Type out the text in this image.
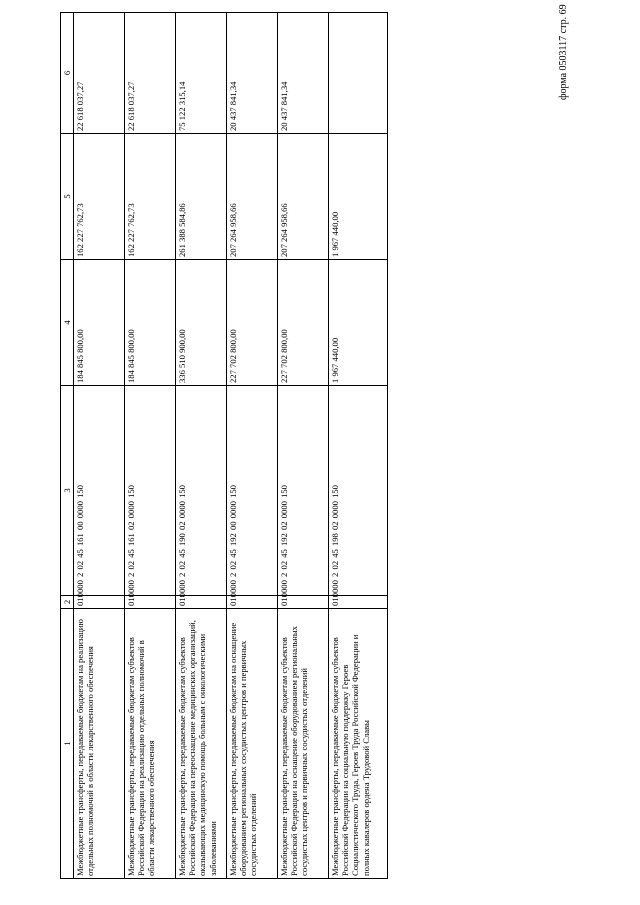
форма 0503117 стр. 69
1	2	3	4	5	6
Межбюджетные трансферты, передаваемые бюджетам на реализацию отдельных полномочий в области лекарственного обеспечения	010	000 2 02 45 161 00 0000 150	184 845 800,00	162 227 762,73	22 618 037,27
Межбюджетные трансферты, передаваемые бюджетам субъектов Российской Федерации на реализацию отдельных полномочий в области лекарственного обеспечения	010	000 2 02 45 161 02 0000 150	184 845 800,00	162 227 762,73	22 618 037,27
Межбюджетные трансферты, передаваемые бюджетам субъектов Российской Федерации на переоснащение медицинских организаций, оказывающих медицинскую помощь больным с онкологическими заболеваниями	010	000 2 02 45 190 02 0000 150	336 510 900,00	261 388 584,86	75 122 315,14
Межбюджетные трансферты, передаваемые бюджетам на оснащение оборудованием региональных сосудистых центров и первичных сосудистых отделений	010	000 2 02 45 192 00 0000 150	227 702 800,00	207 264 958,66	20 437 841,34
Межбюджетные трансферты, передаваемые бюджетам субъектов Российской Федерации на оснащение оборудованием региональных сосудистых центров и первичных сосудистых отделений	010	000 2 02 45 192 02 0000 150	227 702 800,00	207 264 958,66	20 437 841,34
Межбюджетные трансферты, передаваемые бюджетам субъектов Российской Федерации на социальную поддержку Героев Социалистического Труда, Героев Труда Российской Федерации и полных кавалеров ордена Трудовой Славы	010	000 2 02 45 198 02 0000 150	1 967 440,00	1 967 440,00	
